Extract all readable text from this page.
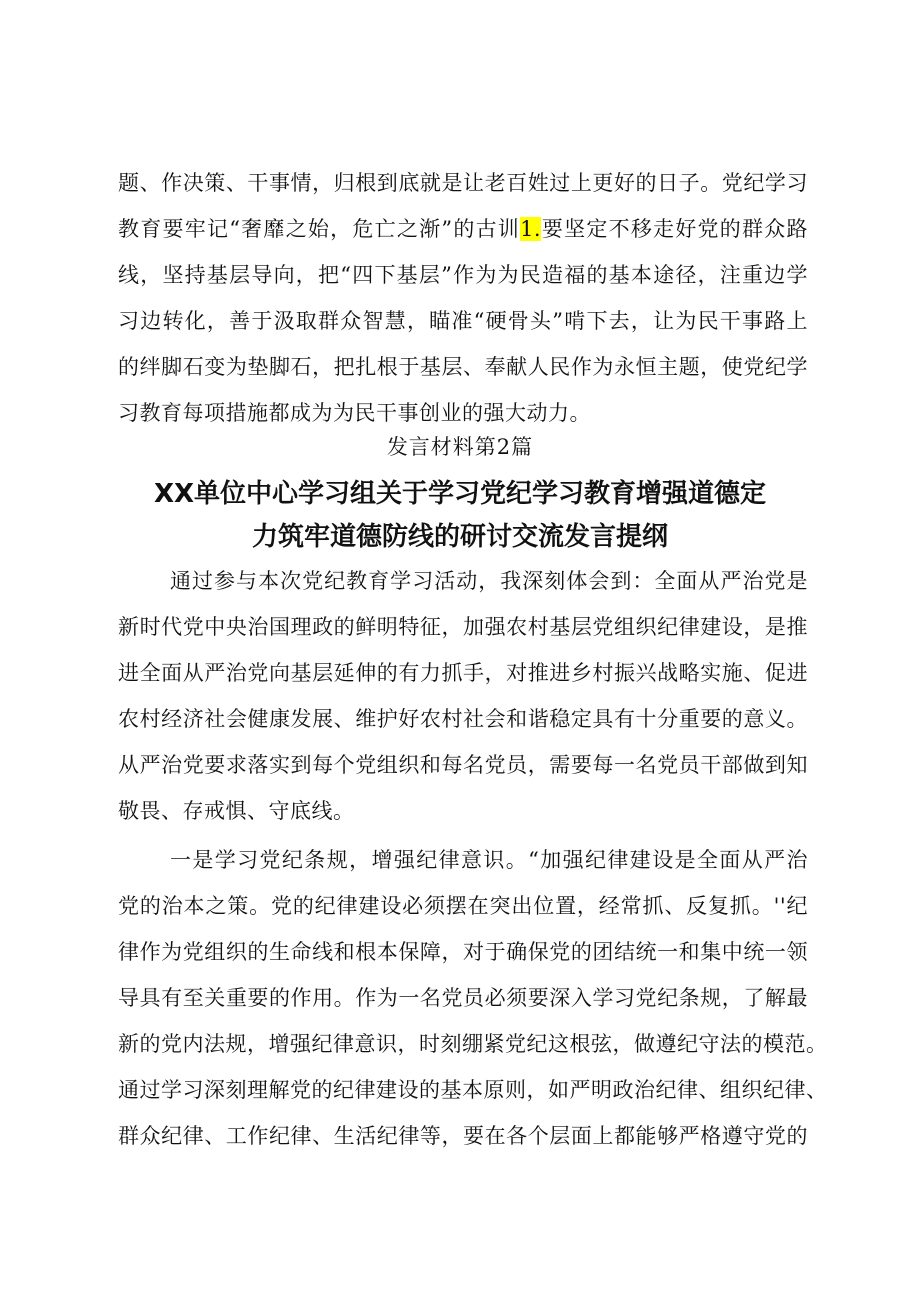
题、作决策、干事情，归根到底就是让老百姓过上更好的日子。党纪学习
教育要牢记“奢靡之始，危亡之渐”的古训1.要坚定不移走好党的群众路
线，坚持基层导向，把“四下基层”作为为民造福的基本途径，注重边学
习边转化，善于汲取群众智慧，瞄准“硬骨头”啃下去，让为民干事路上
的绊脚石变为垫脚石，把扎根于基层、奉献人民作为永恒主题，使党纪学
习教育每项措施都成为为民干事创业的强大动力。
发言材料第2篇
XX单位中心学习组关于学习党纪学习教育增强道德定
力筑牢道德防线的研讨交流发言提纲
通过参与本次党纪教育学习活动，我深刻体会到：全面从严治党是
新时代党中央治国理政的鲜明特征，加强农村基层党组织纪律建设，是推
进全面从严治党向基层延伸的有力抓手，对推进乡村振兴战略实施、促进
农村经济社会健康发展、维护好农村社会和谐稳定具有十分重要的意义。
从严治党要求落实到每个党组织和每名党员，需要每一名党员干部做到知
敬畏、存戒惧、守底线。
一是学习党纪条规，增强纪律意识。“加强纪律建设是全面从严治
党的治本之策。党的纪律建设必须摆在突出位置，经常抓、反复抓。''纪
律作为党组织的生命线和根本保障，对于确保党的团结统一和集中统一领
导具有至关重要的作用。作为一名党员必须要深入学习党纪条规，了解最
新的党内法规，增强纪律意识，时刻绷紧党纪这根弦，做遵纪守法的模范。
通过学习深刻理解党的纪律建设的基本原则，如严明政治纪律、组织纪律、
群众纪律、工作纪律、生活纪律等，要在各个层面上都能够严格遵守党的
